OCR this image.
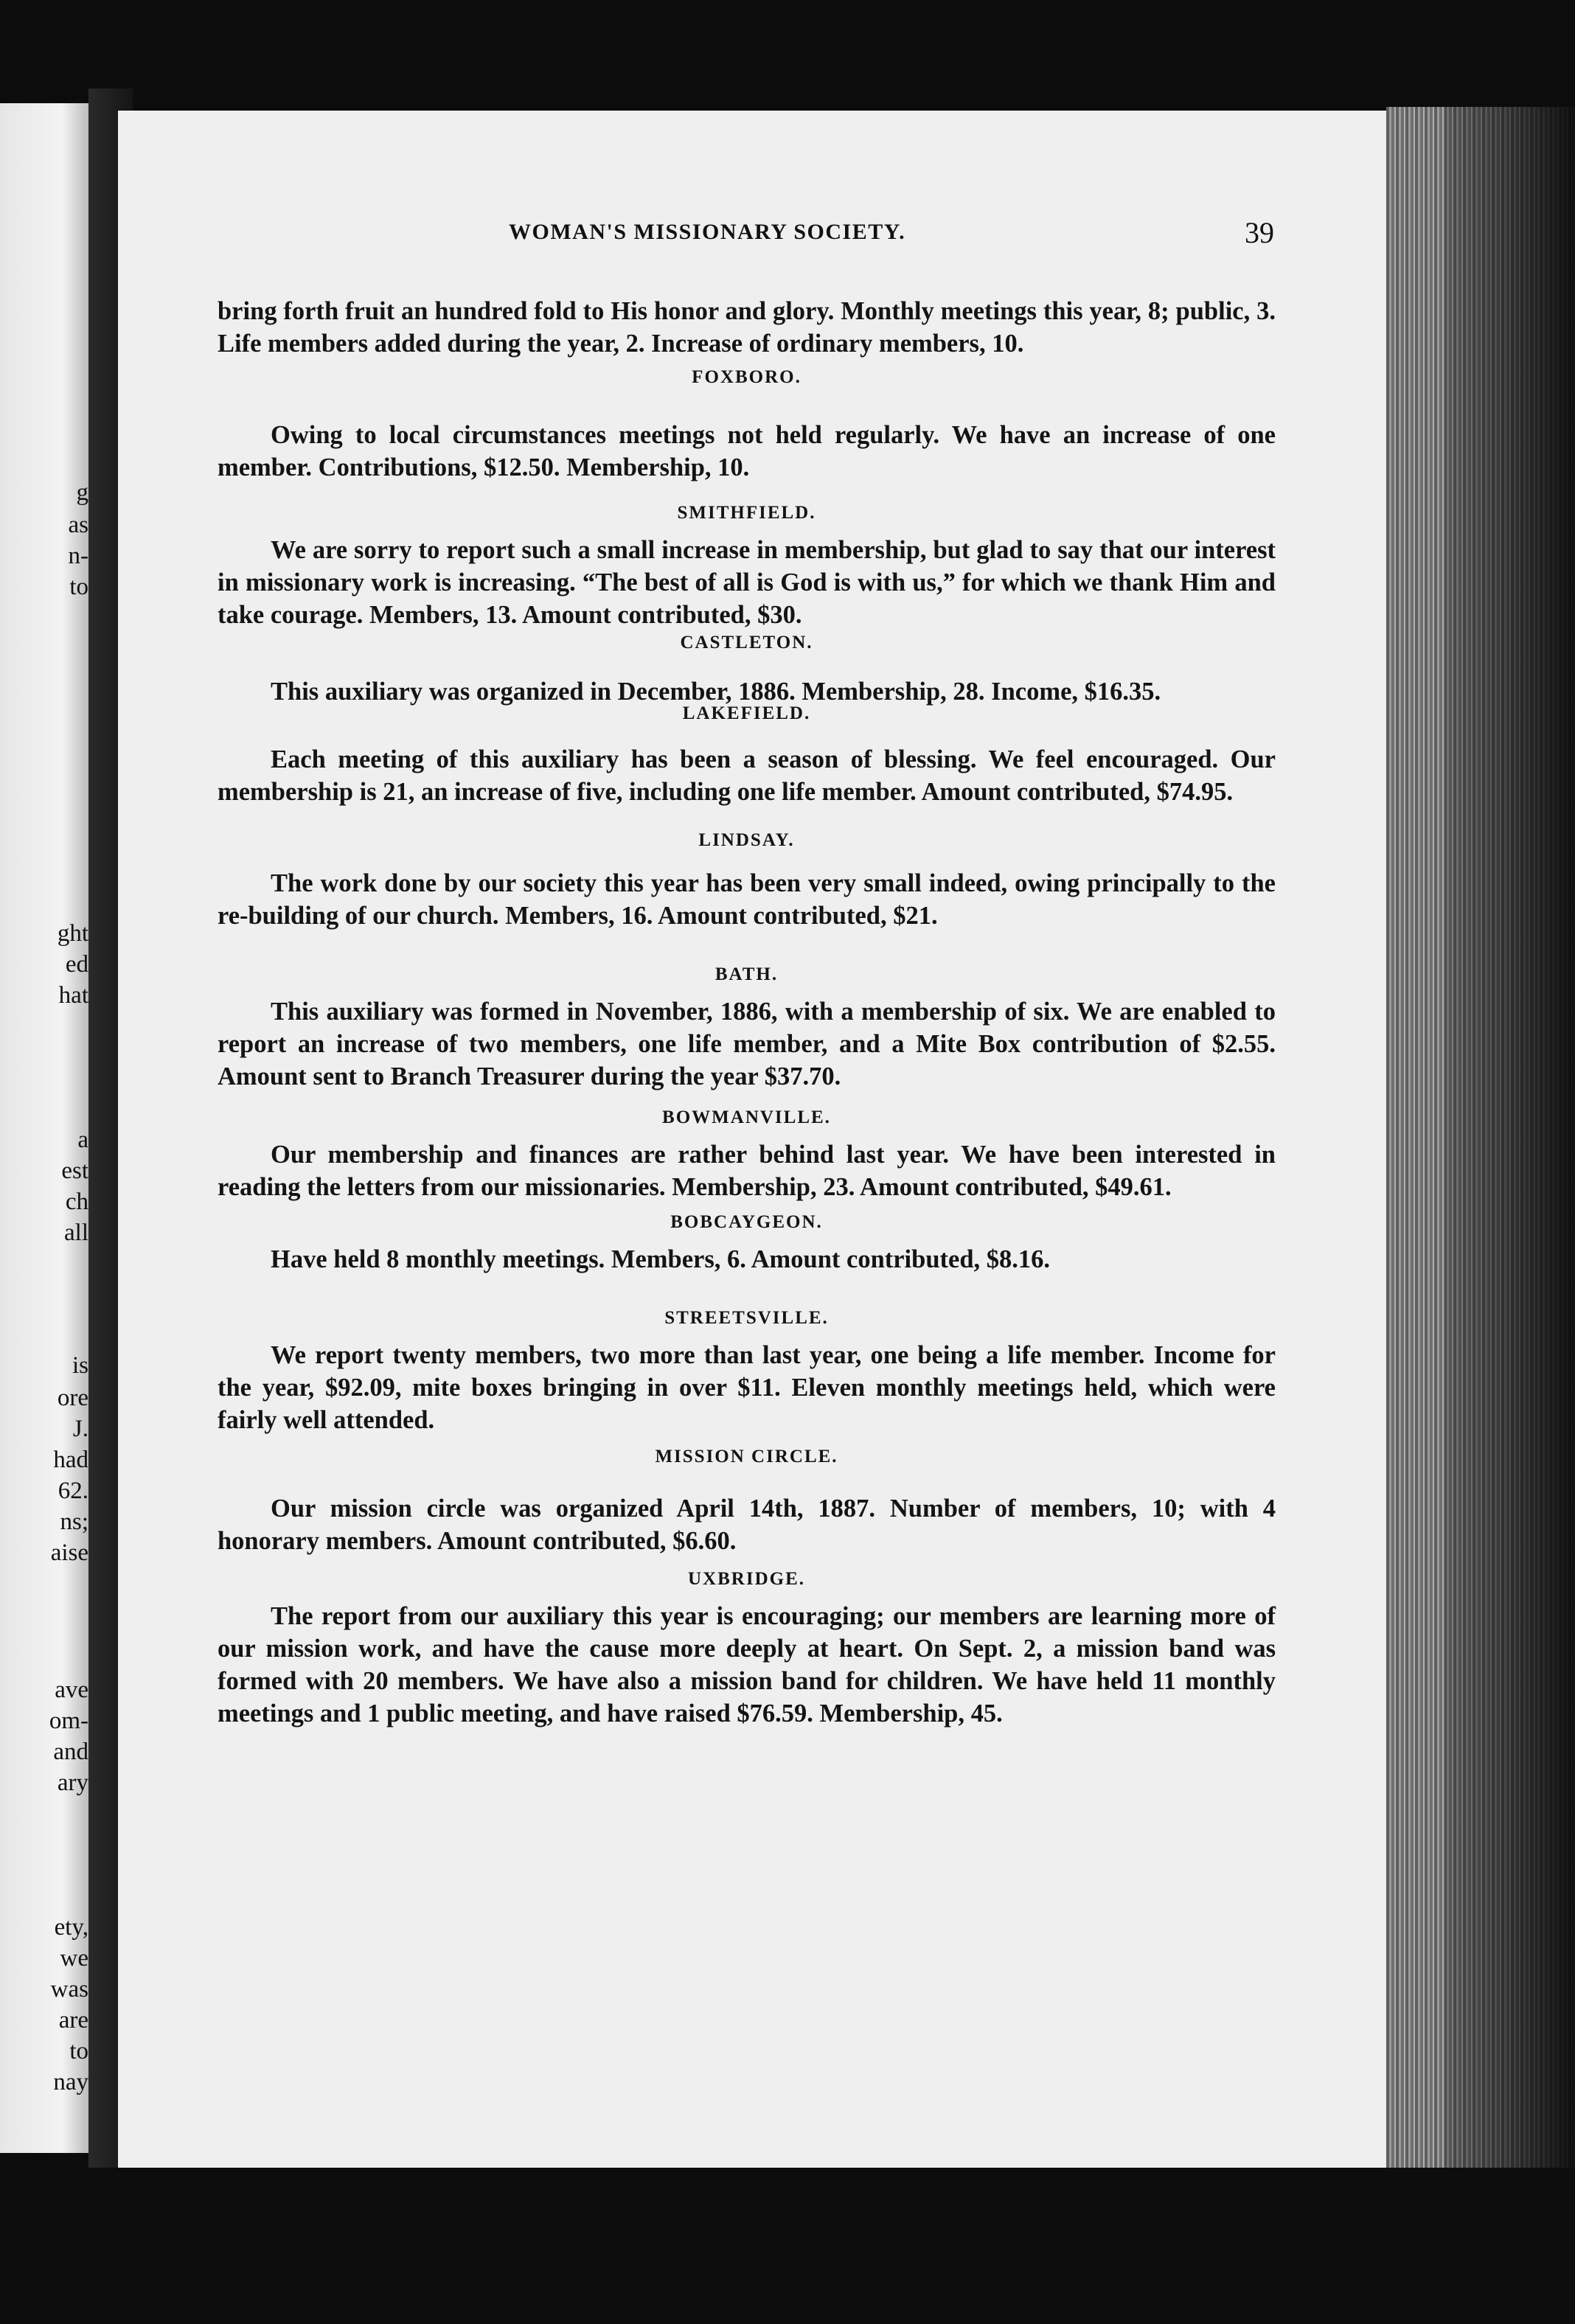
g
as
n-
to
ght
ed
hat
a
est
ch
all
is
ore
J.
had
62.
ns;
aise
ave
om-
and
ary
ety,
we
was
are
to
nay
WOMAN'S MISSIONARY SOCIETY.	39

bring forth fruit an hundred fold to His honor and glory. Monthly meetings this year, 8; public, 3. Life members added during the year, 2. Increase of ordinary members, 10.

FOXBORO.

Owing to local circumstances meetings not held regularly. We have an increase of one member. Contributions, $12.50. Membership, 10.

SMITHFIELD.

We are sorry to report such a small increase in membership, but glad to say that our interest in missionary work is increasing. “The best of all is God is with us,” for which we thank Him and take courage. Members, 13. Amount contributed, $30.

CASTLETON.

This auxiliary was organized in December, 1886. Membership, 28. Income, $16.35.

LAKEFIELD.

Each meeting of this auxiliary has been a season of blessing. We feel encouraged. Our membership is 21, an increase of five, including one life member. Amount contributed, $74.95.

LINDSAY.

The work done by our society this year has been very small indeed, owing principally to the re-building of our church. Members, 16. Amount contributed, $21.

BATH.

This auxiliary was formed in November, 1886, with a membership of six. We are enabled to report an increase of two members, one life member, and a Mite Box contribution of $2.55. Amount sent to Branch Treasurer during the year $37.70.

BOWMANVILLE.

Our membership and finances are rather behind last year. We have been interested in reading the letters from our missionaries. Membership, 23. Amount contributed, $49.61.

BOBCAYGEON.

Have held 8 monthly meetings. Members, 6. Amount contributed, $8.16.

STREETSVILLE.

We report twenty members, two more than last year, one being a life member. Income for the year, $92.09, mite boxes bringing in over $11. Eleven monthly meetings held, which were fairly well attended.

MISSION CIRCLE.

Our mission circle was organized April 14th, 1887. Number of members, 10; with 4 honorary members. Amount contributed, $6.60.

UXBRIDGE.

The report from our auxiliary this year is encouraging; our members are learning more of our mission work, and have the cause more deeply at heart. On Sept. 2, a mission band was formed with 20 members. We have also a mission band for children. We have held 11 monthly meetings and 1 public meeting, and have raised $76.59. Membership, 45.
